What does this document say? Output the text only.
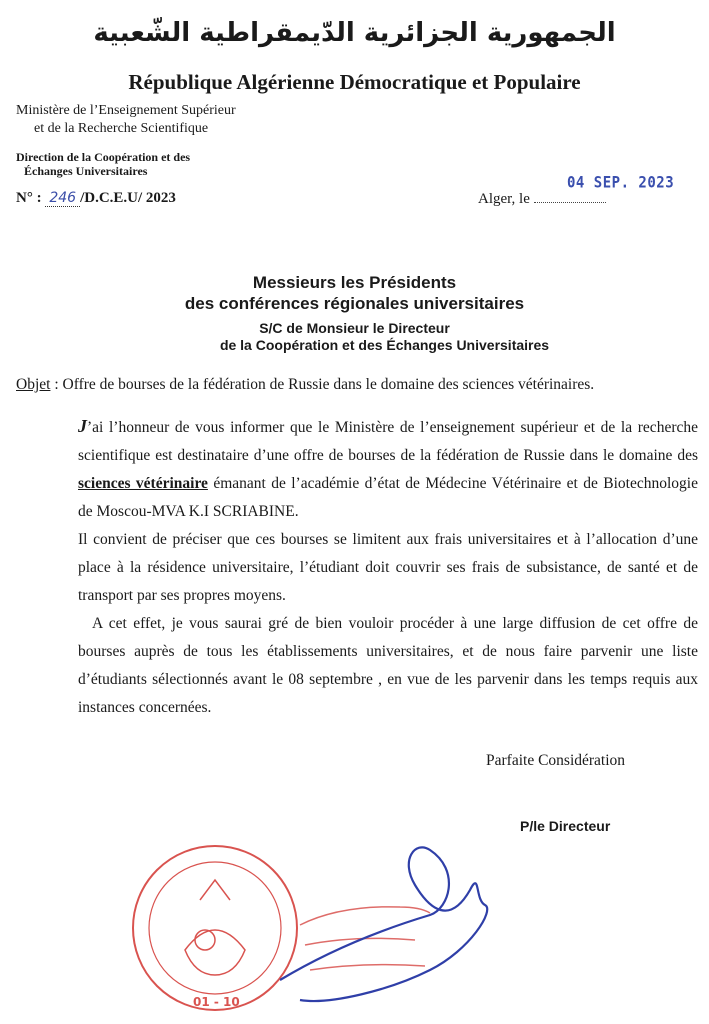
الجمهورية الجزائرية الدّيمقراطية الشّعبية
République Algérienne Démocratique et Populaire
Ministère de l’Enseignement Supérieur
et de la Recherche Scientifique
Direction de la Coopération et des
Échanges Universitaires
N° : 246 /D.C.E.U/ 2023	Alger, le
04 SEP. 2023
Messieurs les Présidents
des conférences régionales universitaires
S/C de Monsieur le Directeur
de la Coopération et des Échanges Universitaires
Objet : Offre de bourses de la fédération de Russie dans le domaine des sciences vétérinaires.

J’ai l’honneur de vous informer que le Ministère de l’enseignement supérieur et de la recherche scientifique est destinataire d’une offre de bourses de la fédération de Russie dans le domaine des sciences vétérinaire émanant de l’académie d’état de Médecine Vétérinaire et de Biotechnologie de Moscou-MVA K.I SCRIABINE.

Il convient de préciser que ces bourses se limitent aux frais universitaires et à l’allocation d’une place à la résidence universitaire, l’étudiant doit couvrir ses frais de subsistance, de santé et de transport par ses propres moyens.

A cet effet, je vous saurai gré de bien vouloir procéder à une large diffusion de cet offre de bourses auprès de tous les établissements universitaires, et de nous faire parvenir une liste d’étudiants sélectionnés avant le 08 septembre , en vue de les parvenir dans les temps requis aux instances concernées.

Parfaite Considération
P/le Directeur
01 - 10
